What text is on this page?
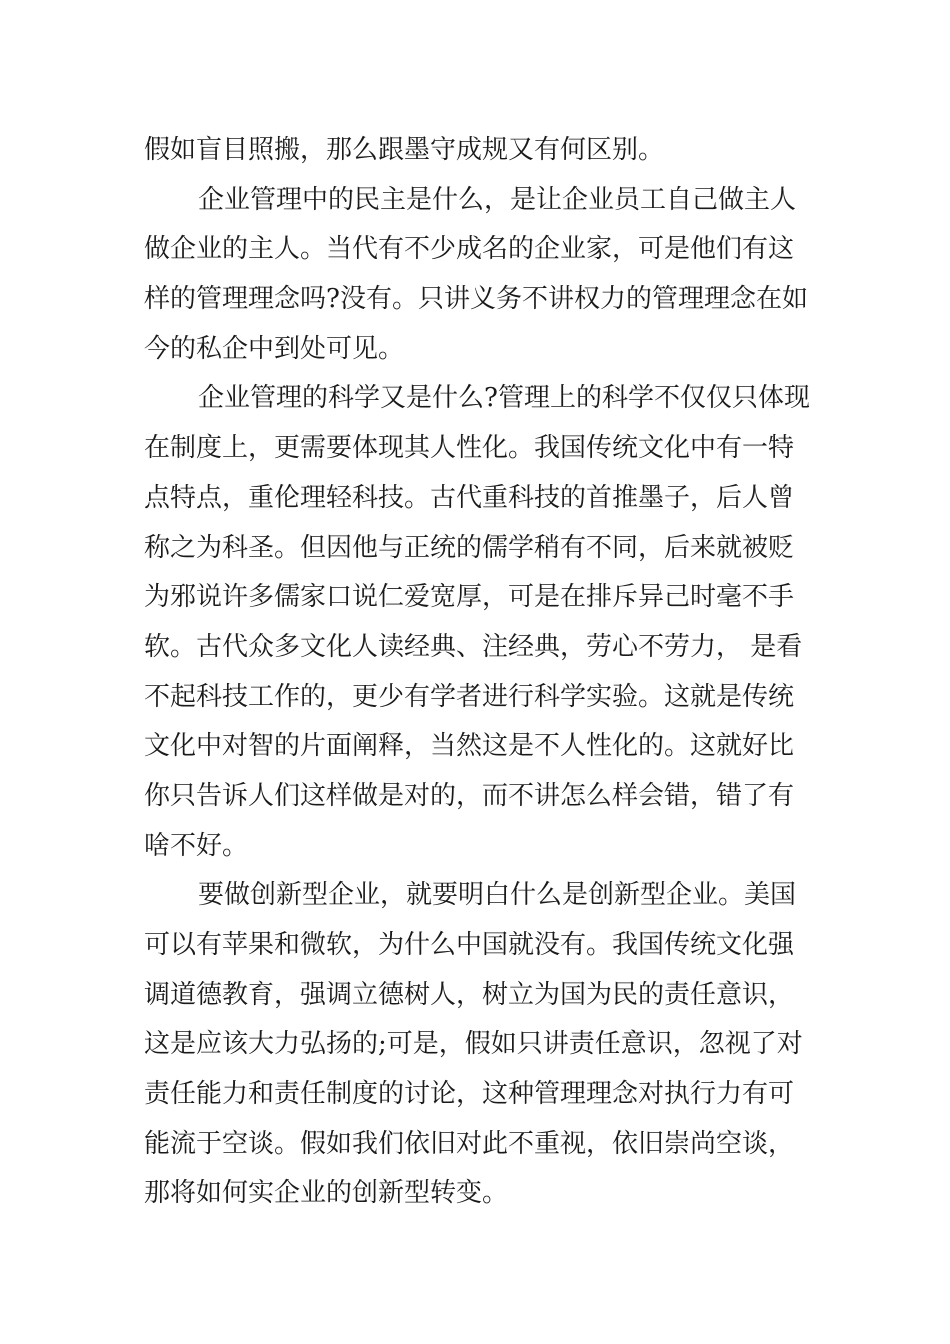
假如盲目照搬，那么跟墨守成规又有何区别。
企业管理中的民主是什么，是让企业员工自己做主人
做企业的主人。当代有不少成名的企业家，可是他们有这
样的管理理念吗?没有。只讲义务不讲权力的管理理念在如
今的私企中到处可见。
企业管理的科学又是什么?管理上的科学不仅仅只体现
在制度上，更需要体现其人性化。我国传统文化中有一特
点特点，重伦理轻科技。古代重科技的首推墨子，后人曾
称之为科圣。但因他与正统的儒学稍有不同，后来就被贬
为邪说许多儒家口说仁爱宽厚，可是在排斥异己时毫不手
软。古代众多文化人读经典、注经典，劳心不劳力， 是看
不起科技工作的，更少有学者进行科学实验。这就是传统
文化中对智的片面阐释，当然这是不人性化的。这就好比
你只告诉人们这样做是对的，而不讲怎么样会错，错了有
啥不好。
要做创新型企业，就要明白什么是创新型企业。美国
可以有苹果和微软，为什么中国就没有。我国传统文化强
调道德教育，强调立德树人，树立为国为民的责任意识，
这是应该大力弘扬的;可是，假如只讲责任意识，忽视了对
责任能力和责任制度的讨论，这种管理理念对执行力有可
能流于空谈。假如我们依旧对此不重视，依旧崇尚空谈，
那将如何实企业的创新型转变。
